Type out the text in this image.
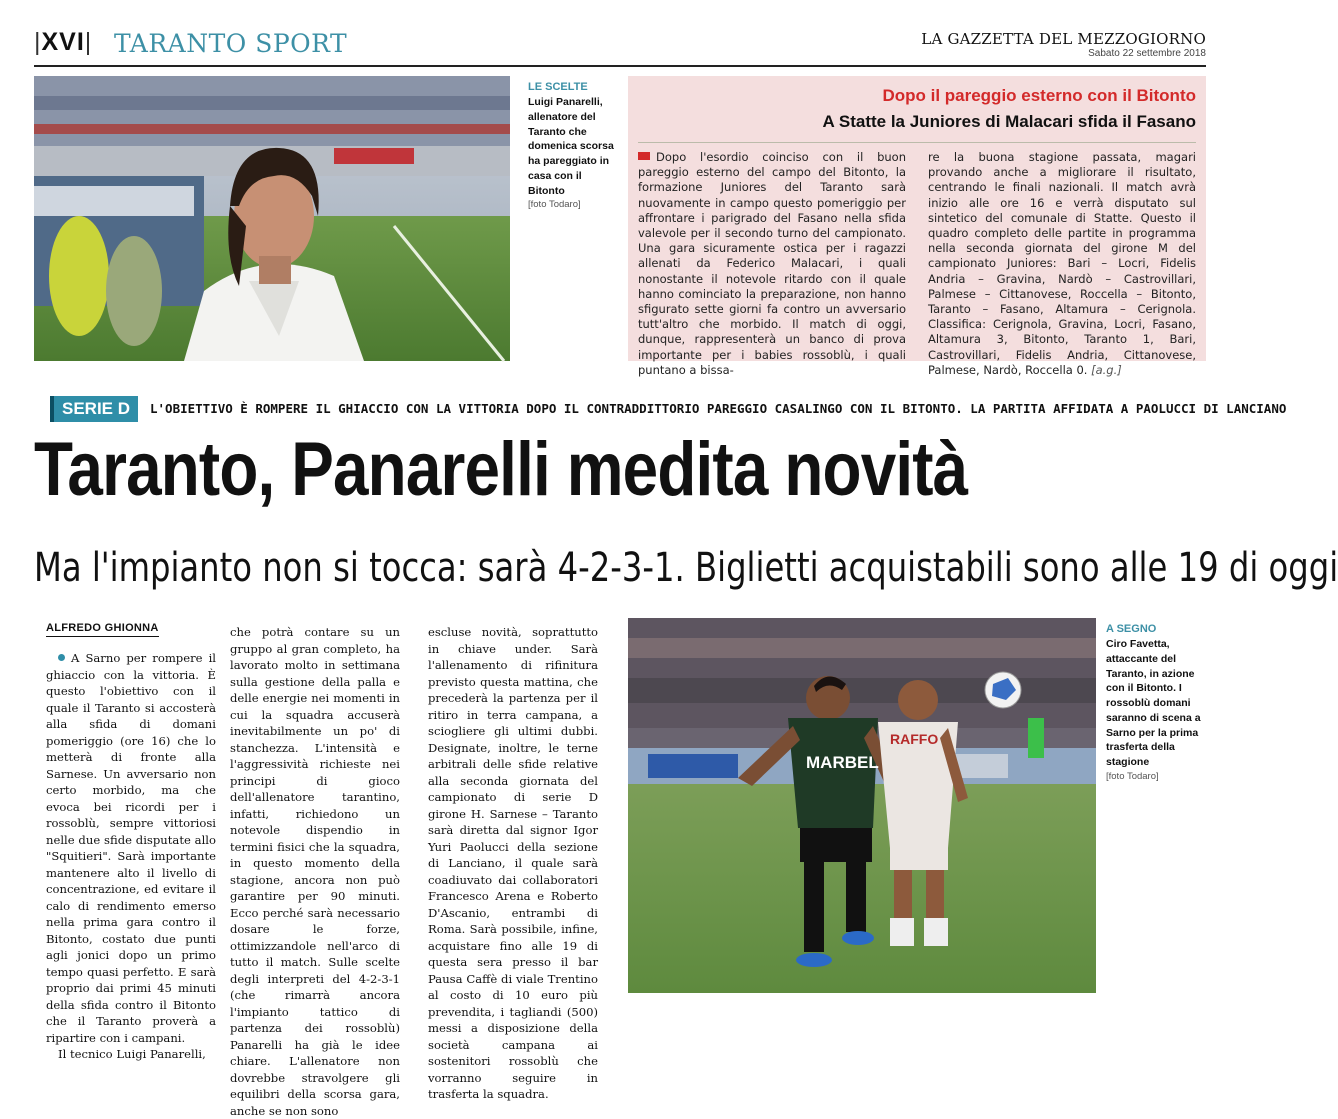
|XVI| TARANTO SPORT	LA GAZZETTA DEL MEZZOGIORNO
Sabato 22 settembre 2018
LE SCELTE
Luigi Panarelli, allenatore del Taranto che domenica scorsa ha pareggiato in casa con il Bitonto
[foto Todaro]
Dopo il pareggio esterno con il Bitonto
A Statte la Juniores di Malacari sfida il Fasano
Dopo l'esordio coinciso con il buon pareggio esterno del campo del Bitonto, la formazione Juniores del Taranto sarà nuovamente in campo questo pomeriggio per affrontare i parigrado del Fasano nella sfida valevole per il secondo turno del campionato. Una gara sicuramente ostica per i ragazzi allenati da Federico Malacari, i quali nonostante il notevole ritardo con il quale hanno cominciato la preparazione, non hanno sfigurato sette giorni fa contro un avversario tutt'altro che morbido. Il match di oggi, dunque, rappresenterà un banco di prova importante per i babies rossoblù, i quali puntano a bissa-
re la buona stagione passata, magari provando anche a migliorare il risultato, centrando le finali nazionali. Il match avrà inizio alle ore 16 e verrà disputato sul sintetico del comunale di Statte. Questo il quadro completo delle partite in programma nella seconda giornata del girone M del campionato Juniores: Bari – Locri, Fidelis Andria – Gravina, Nardò – Castrovillari, Palmese – Cittanovese, Roccella – Bitonto, Taranto – Fasano, Altamura – Cerignola. Classifica: Cerignola, Gravina, Locri, Fasano, Altamura 3, Bitonto, Taranto 1, Bari, Castrovillari, Fidelis Andria, Cittanovese, Palmese, Nardò, Roccella 0. [a.g.]
SERIE D	L'OBIETTIVO È ROMPERE IL GHIACCIO CON LA VITTORIA DOPO IL CONTRADDITTORIO PAREGGIO CASALINGO CON IL BITONTO. LA PARTITA AFFIDATA A PAOLUCCI DI LANCIANO
Taranto, Panarelli medita novità
Ma l'impianto non si tocca: sarà 4-2-3-1. Biglietti acquistabili sono alle 19 di oggi
ALFREDO GHIONNA

A Sarno per rompere il ghiaccio con la vittoria. È questo l'obiettivo con il quale il Taranto si accosterà alla sfida di domani pomeriggio (ore 16) che lo metterà di fronte alla Sarnese. Un avversario non certo morbido, ma che evoca bei ricordi per i rossoblù, sempre vittoriosi nelle due sfide disputate allo "Squitieri". Sarà importante mantenere alto il livello di concentrazione, ed evitare il calo di rendimento emerso nella prima gara contro il Bitonto, costato due punti agli jonici dopo un primo tempo quasi perfetto. E sarà proprio dai primi 45 minuti della sfida contro il Bitonto che il Taranto proverà a ripartire con i campani.

Il tecnico Luigi Panarelli,

che potrà contare su un gruppo al gran completo, ha lavorato molto in settimana sulla gestione della palla e delle energie nei momenti in cui la squadra accuserà inevitabilmente un po' di stanchezza. L'intensità e l'aggressività richieste nei principi di gioco dell'allenatore tarantino, infatti, richiedono un notevole dispendio in termini fisici che la squadra, in questo momento della stagione, ancora non può garantire per 90 minuti. Ecco perché sarà necessario dosare le forze, ottimizzandole nell'arco di tutto il match. Sulle scelte degli interpreti del 4-2-3-1 (che rimarrà ancora l'impianto tattico di partenza dei rossoblù) Panarelli ha già le idee chiare. L'allenatore non dovrebbe stravolgere gli equilibri della scorsa gara, anche se non sono

escluse novità, soprattutto in chiave under. Sarà l'allenamento di rifinitura previsto questa mattina, che precederà la partenza per il ritiro in terra campana, a sciogliere gli ultimi dubbi. Designate, inoltre, le terne arbitrali delle sfide relative alla seconda giornata del campionato di serie D girone H. Sarnese – Taranto sarà diretta dal signor Igor Yuri Paolucci della sezione di Lanciano, il quale sarà coadiuvato dai collaboratori Francesco Arena e Roberto D'Ascanio, entrambi di Roma. Sarà possibile, infine, acquistare fino alle 19 di questa sera presso il bar Pausa Caffè di viale Trentino al costo di 10 euro più prevendita, i tagliandi (500) messi a disposizione della società campana ai sostenitori rossoblù che vorranno seguire in trasferta la squadra.

MARBEL
RAFFO
A SEGNO
Ciro Favetta, attaccante del Taranto, in azione con il Bitonto. I rossoblù domani saranno di scena a Sarno per la prima trasferta della stagione
[foto Todaro]
